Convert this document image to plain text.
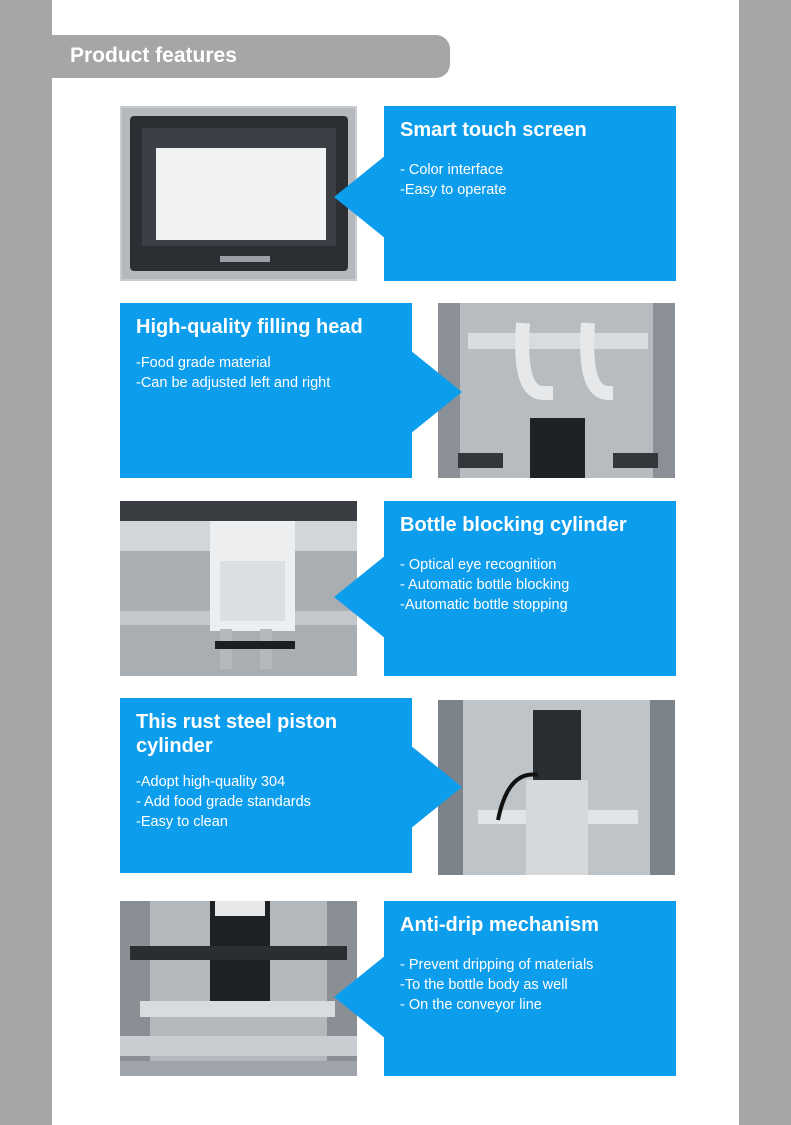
Product features
Smart touch screen
- Color interface
-Easy to operate
High-quality filling head
-Food grade material
-Can be adjusted left and right
Bottle blocking cylinder
- Optical eye recognition
- Automatic bottle blocking
-Automatic bottle stopping
This rust steel piston cylinder
-Adopt high-quality 304
- Add food grade standards
-Easy to clean
Anti-drip mechanism
- Prevent dripping of materials
-To the bottle body as well
- On the conveyor line
